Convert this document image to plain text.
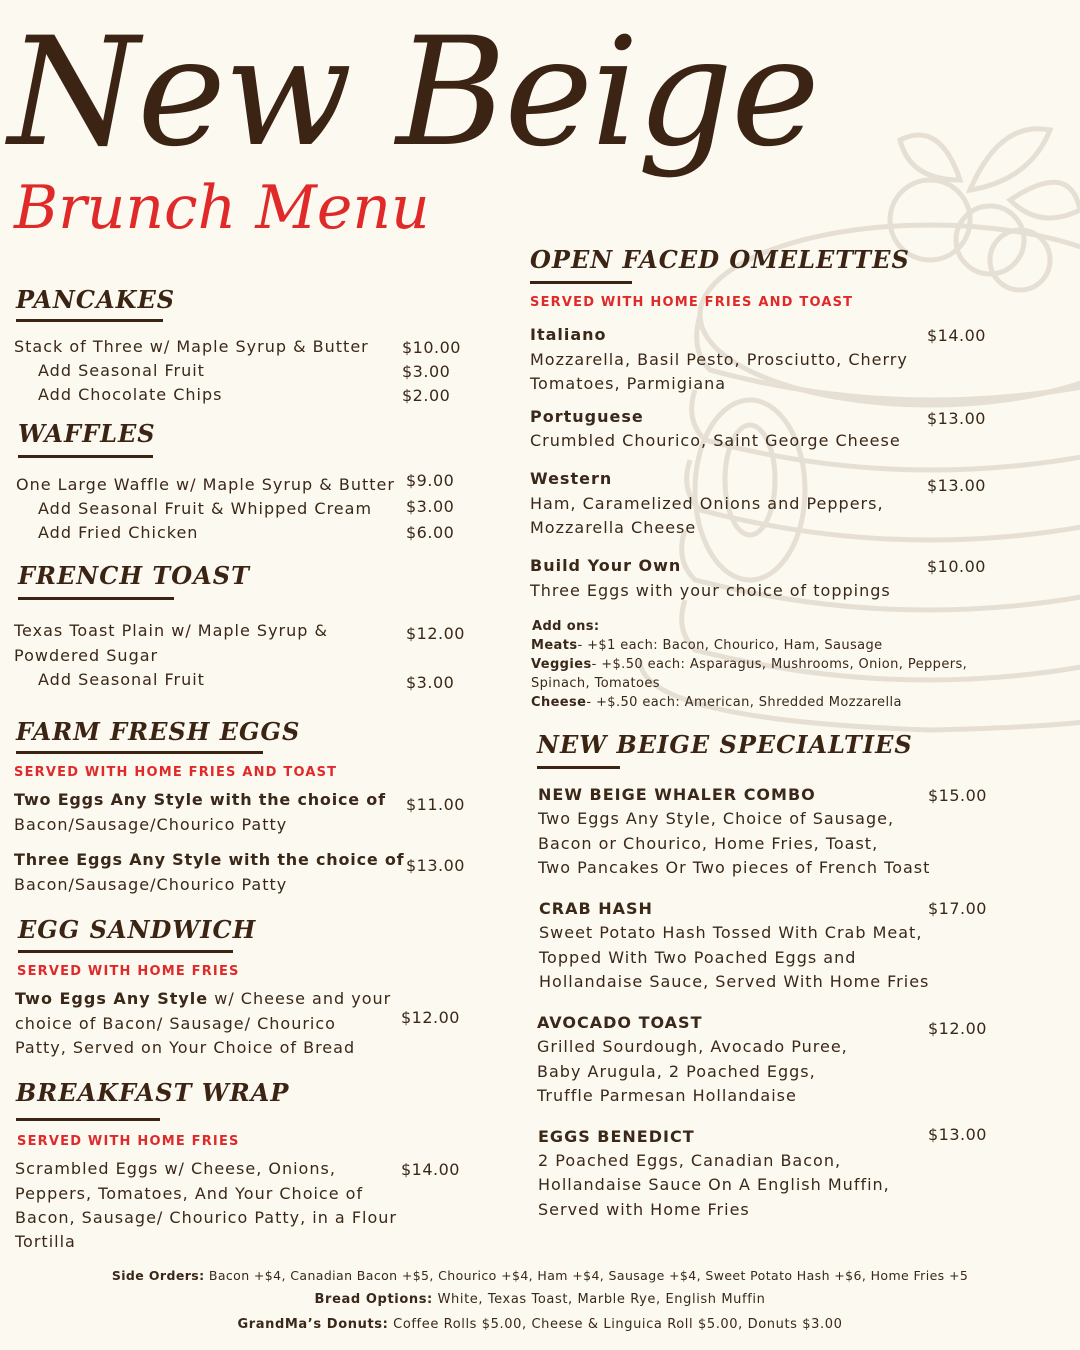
New Beige
Brunch Menu
PANCAKES
Stack of Three w/ Maple Syrup & Butter $10.00
Add Seasonal Fruit	$3.00
Add Chocolate Chips	$2.00
WAFFLES
One Large Waffle w/ Maple Syrup & Butter $9.00
Add Seasonal Fruit & Whipped Cream $3.00
Add Fried Chicken	$6.00
FRENCH TOAST
Texas Toast Plain w/ Maple Syrup &
Powdered Sugar
$12.00
Add Seasonal Fruit	$3.00
FARM FRESH EGGS
SERVED WITH HOME FRIES AND TOAST
Two Eggs Any Style with the choice of
Bacon/Sausage/Chourico Patty
$11.00
Three Eggs Any Style with the choice of
Bacon/Sausage/Chourico Patty
$13.00
EGG SANDWICH
SERVED WITH HOME FRIES
Two Eggs Any Style w/ Cheese and your
choice of Bacon/ Sausage/ Chourico
Patty, Served on Your Choice of Bread
$12.00
BREAKFAST WRAP
SERVED WITH HOME FRIES
Scrambled Eggs w/ Cheese, Onions,
Peppers, Tomatoes, And Your Choice of
Bacon, Sausage/ Chourico Patty, in a Flour
Tortilla
$14.00
OPEN FACED OMELETTES
SERVED WITH HOME FRIES AND TOAST
Italiano
Mozzarella, Basil Pesto, Prosciutto, Cherry
Tomatoes, Parmigiana
$14.00
Portuguese
Crumbled Chourico, Saint George Cheese
$13.00
Western
Ham, Caramelized Onions and Peppers,
Mozzarella Cheese
$13.00
Build Your Own
Three Eggs with your choice of toppings
$10.00
Add ons:
Meats- +$1 each: Bacon, Chourico, Ham, Sausage
Veggies- +$.50 each: Asparagus, Mushrooms, Onion, Peppers,
Spinach, Tomatoes
Cheese- +$.50 each: American, Shredded Mozzarella
NEW BEIGE SPECIALTIES
NEW BEIGE WHALER COMBO
Two Eggs Any Style, Choice of Sausage,
Bacon or Chourico, Home Fries, Toast,
Two Pancakes Or Two pieces of French Toast
$15.00
CRAB HASH
Sweet Potato Hash Tossed With Crab Meat,
Topped With Two Poached Eggs and
Hollandaise Sauce, Served With Home Fries
$17.00
AVOCADO TOAST
Grilled Sourdough, Avocado Puree,
Baby Arugula, 2 Poached Eggs,
Truffle Parmesan Hollandaise
$12.00
EGGS BENEDICT
2 Poached Eggs, Canadian Bacon,
Hollandaise Sauce On A English Muffin,
Served with Home Fries
$13.00
Side Orders: Bacon +$4, Canadian Bacon +$5, Chourico +$4, Ham +$4, Sausage +$4, Sweet Potato Hash +$6, Home Fries +5
Bread Options: White, Texas Toast, Marble Rye, English Muffin
GrandMa’s Donuts: Coffee Rolls $5.00, Cheese & Linguica Roll $5.00, Donuts $3.00
